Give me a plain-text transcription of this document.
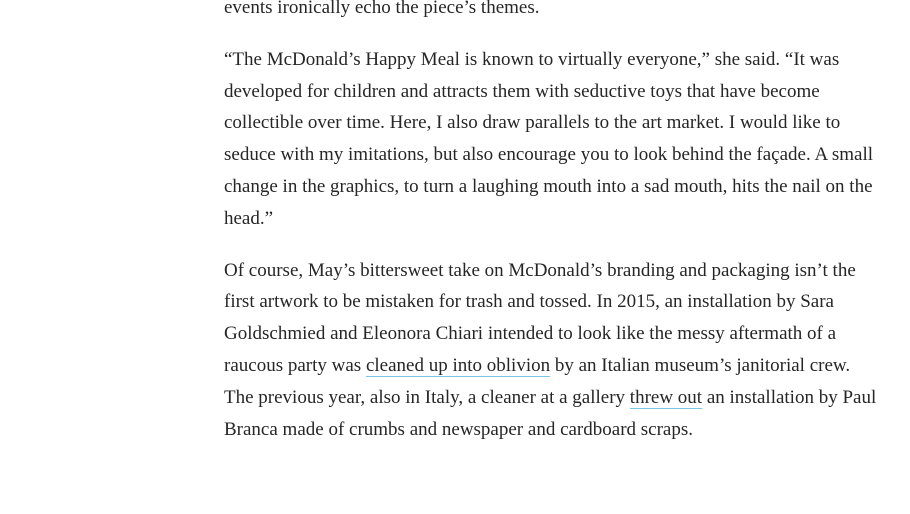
events ironically echo the piece’s themes.

“The McDonald’s Happy Meal is known to virtually everyone,” she said. “It was developed for children and attracts them with seductive toys that have become collectible over time. Here, I also draw parallels to the art market. I would like to seduce with my imitations, but also encourage you to look behind the façade. A small change in the graphics, to turn a laughing mouth into a sad mouth, hits the nail on the head.”

Of course, May’s bittersweet take on McDonald’s branding and packaging isn’t the first artwork to be mistaken for trash and tossed. In 2015, an installation by Sara Goldschmied and Eleonora Chiari intended to look like the messy aftermath of a raucous party was cleaned up into oblivion by an Italian museum’s janitorial crew. The previous year, also in Italy, a cleaner at a gallery threw out an installation by Paul Branca made of crumbs and newspaper and cardboard scraps.
